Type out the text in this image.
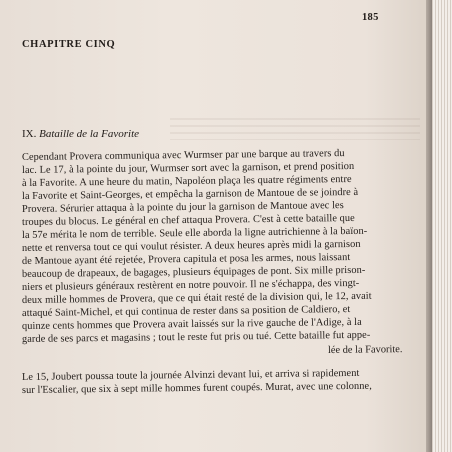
185
CHAPITRE CINQ
IX. Bataille de la Favorite
Cependant Provera communiqua avec Wurmser par une barque au travers du
lac. Le 17, à la pointe du jour, Wurmser sort avec la garnison, et prend position
à la Favorite. A une heure du matin, Napoléon plaça les quatre régiments entre
la Favorite et Saint-Georges, et empêcha la garnison de Mantoue de se joindre à
Provera. Sérurier attaqua à la pointe du jour la garnison de Mantoue avec les
troupes du blocus. Le général en chef attaqua Provera. C'est à cette bataille que
la 57e mérita le nom de terrible. Seule elle aborda la ligne autrichienne à la baïon-
nette et renversa tout ce qui voulut résister. A deux heures après midi la garnison
de Mantoue ayant été rejetée, Provera capitula et posa les armes, nous laissant
beaucoup de drapeaux, de bagages, plusieurs équipages de pont. Six mille prison-
niers et plusieurs généraux restèrent en notre pouvoir. Il ne s'échappa, des vingt-
deux mille hommes de Provera, que ce qui était resté de la division qui, le 12, avait
attaqué Saint-Michel, et qui continua de rester dans sa position de Caldiero, et
quinze cents hommes que Provera avait laissés sur la rive gauche de l'Adige, à la
garde de ses parcs et magasins ; tout le reste fut pris ou tué. Cette bataille fut appe-
lée de la Favorite.
Le 15, Joubert poussa toute la journée Alvinzi devant lui, et arriva si rapidement
sur l'Escalier, que six à sept mille hommes furent coupés. Murat, avec une colonne,
